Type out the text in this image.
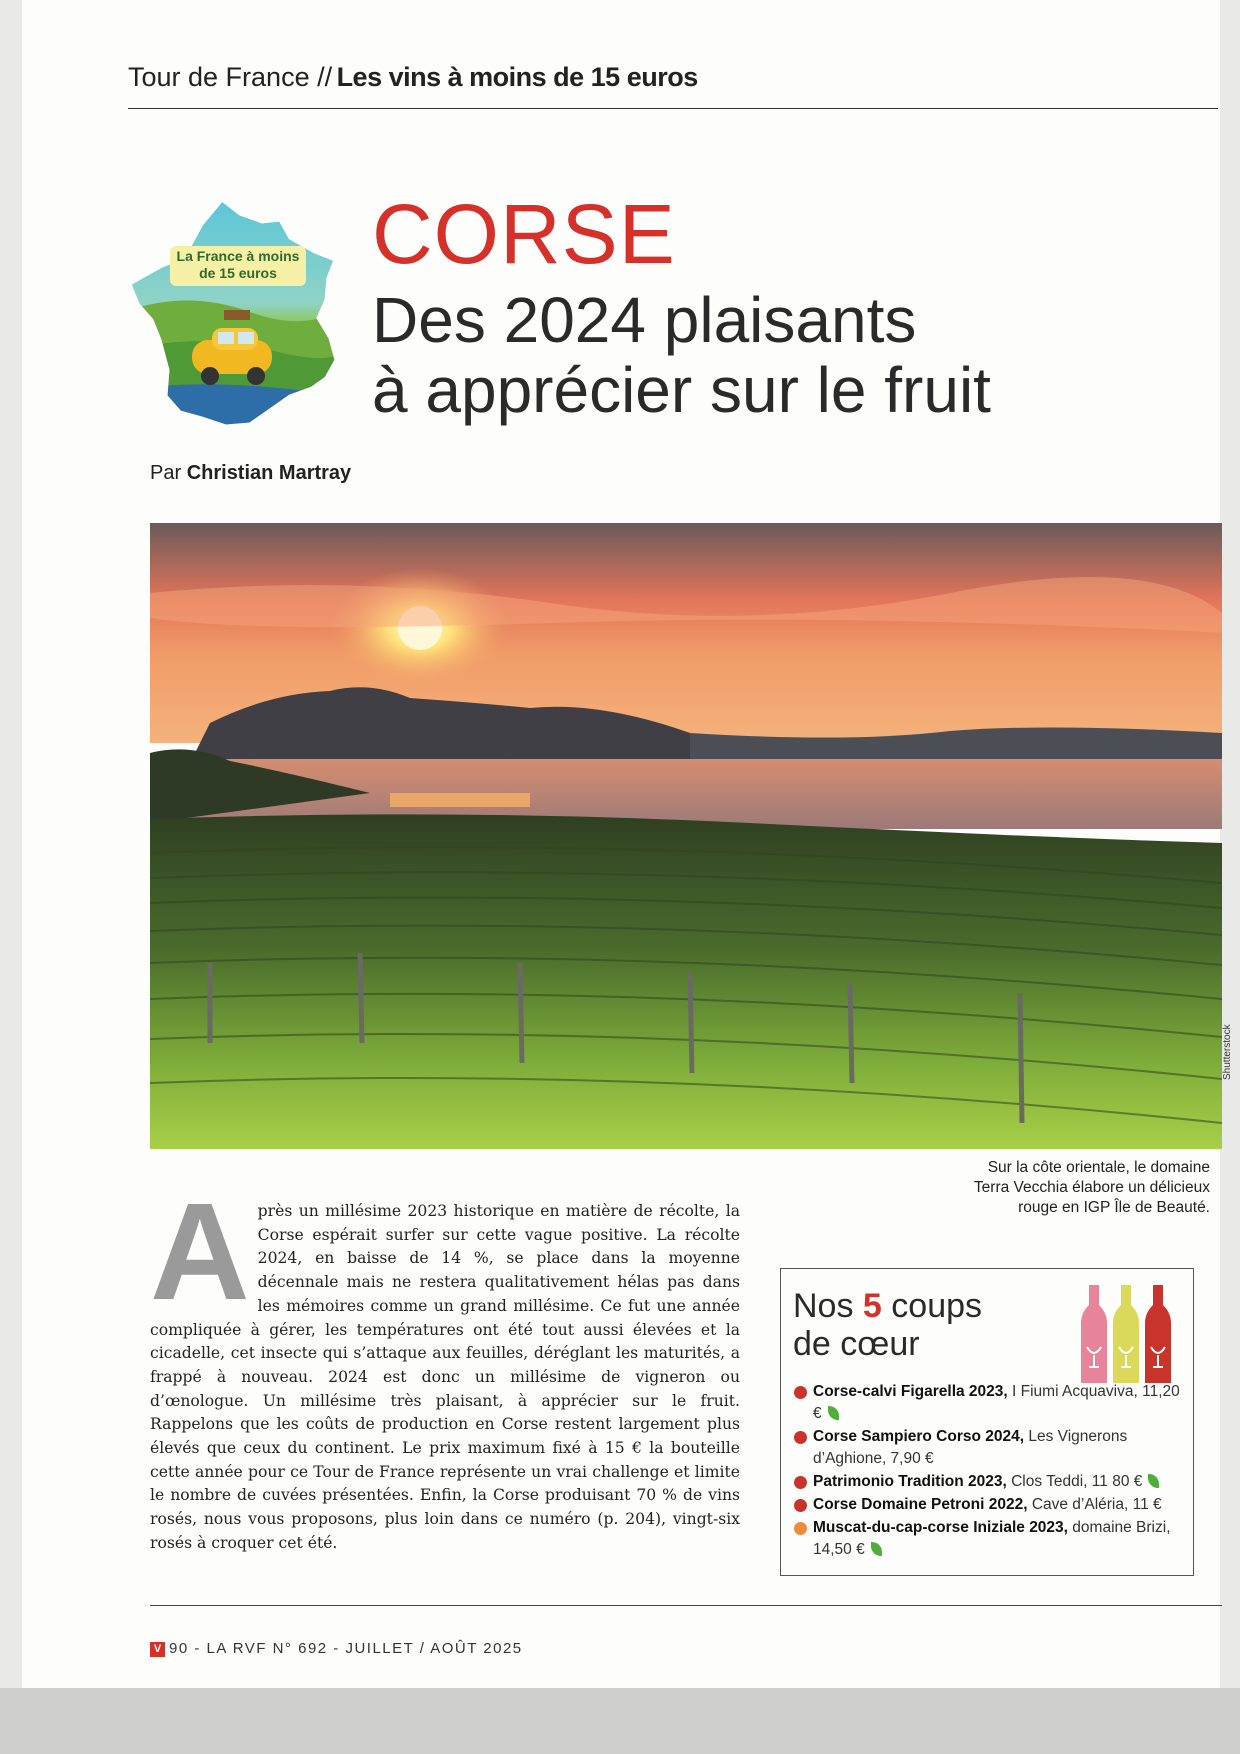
Tour de France // Les vins à moins de 15 euros
La France à moins
de 15 euros	CORSE
Des 2024 plaisants
à apprécier sur le fruit
Par Christian Martray
Shutterstock
Sur la côte orientale, le domaine Terra Vecchia élabore un délicieux rouge en IGP Île de Beauté.
A près un millésime 2023 historique en matière de récolte, la Corse espérait surfer sur cette vague positive. La récolte 2024, en baisse de 14 %, se place dans la moyenne décennale mais ne restera qualitativement hélas pas dans les mémoires comme un grand millésime. Ce fut une année compliquée à gérer, les températures ont été tout aussi élevées et la cicadelle, cet insecte qui s’attaque aux feuilles, déréglant les maturités, a frappé à nouveau. 2024 est donc un millésime de vigneron ou d’œnologue. Un millésime très plaisant, à apprécier sur le fruit. Rappelons que les coûts de production en Corse restent largement plus élevés que ceux du continent. Le prix maximum fixé à 15 € la bouteille cette année pour ce Tour de France représente un vrai challenge et limite le nombre de cuvées présentées. Enfin, la Corse produisant 70 % de vins rosés, nous vous proposons, plus loin dans ce numéro (p. 204), vingt-six rosés à croquer cet été.
Nos 5 coups
de cœur
Corse-calvi Figarella 2023, I Fiumi Acquaviva, 11,20 €
Corse Sampiero Corso 2024, Les Vignerons d’Aghione, 7,90 €
Patrimonio Tradition 2023, Clos Teddi, 11 80 €
Corse Domaine Petroni 2022, Cave d’Aléria, 11 €
Muscat-du-cap-corse Iniziale 2023, domaine Brizi, 14,50 €
V 90 - LA RVF N° 692 - JUILLET / AOÛT 2025
